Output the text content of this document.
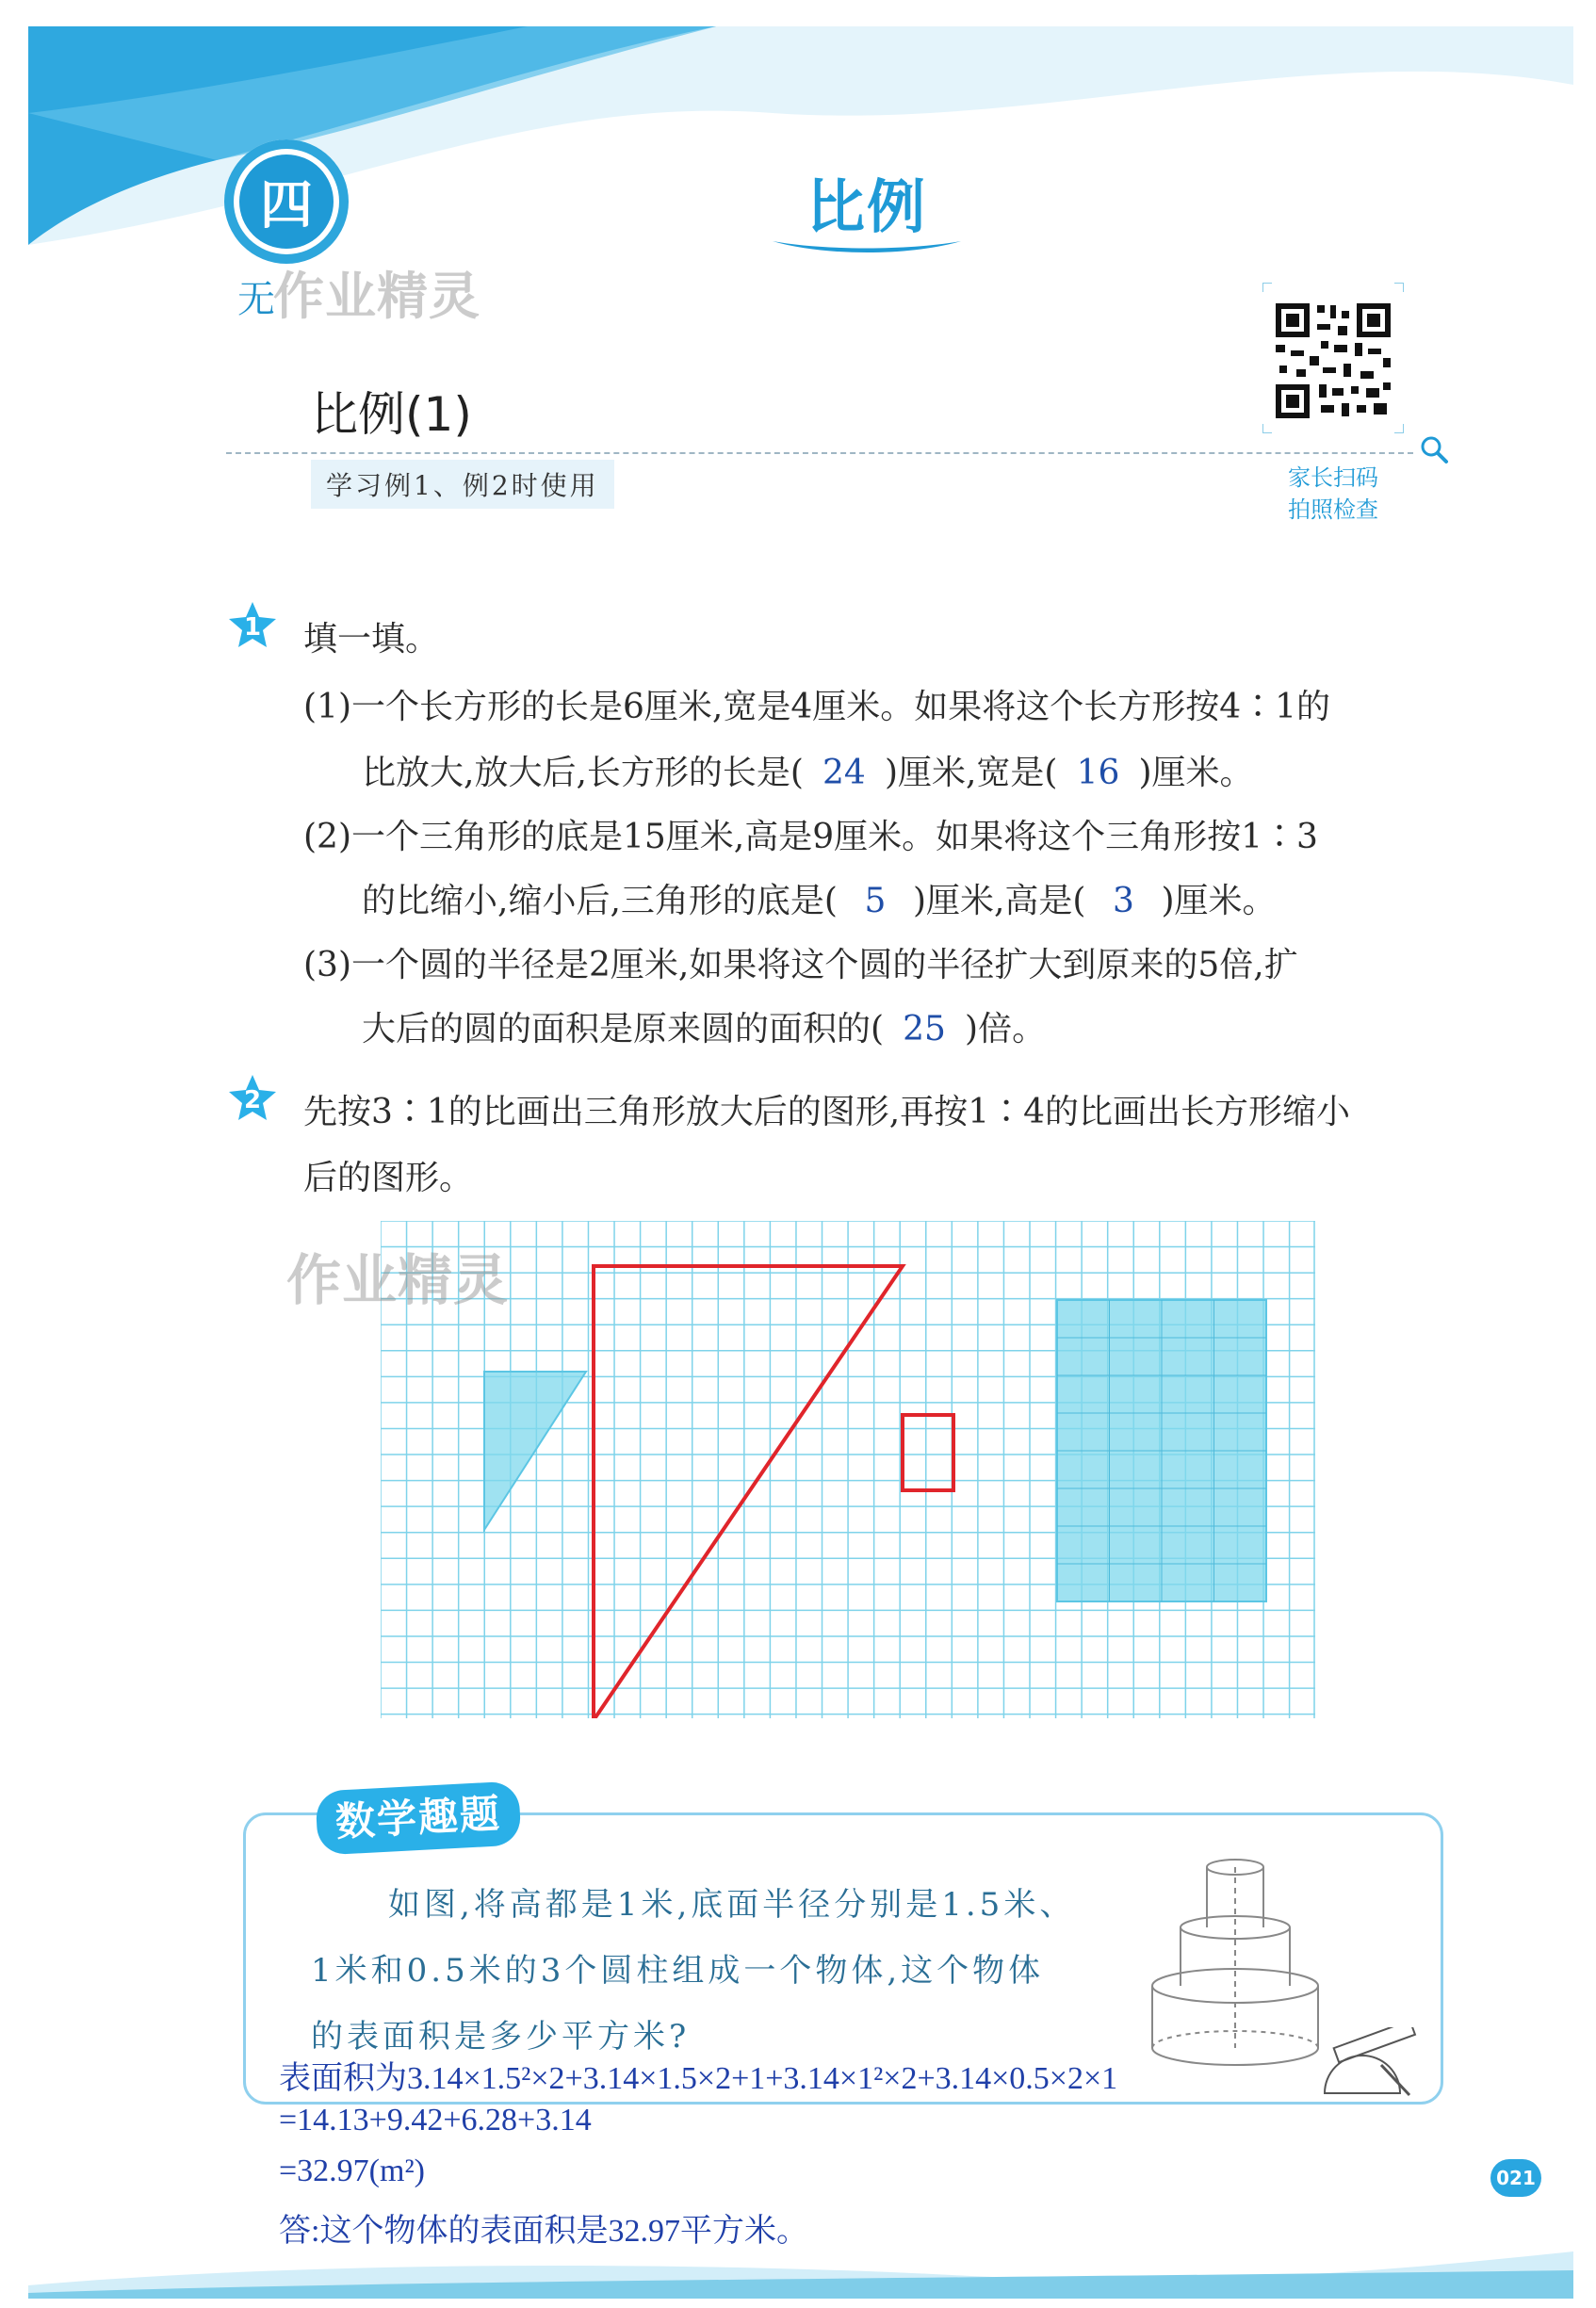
四	比例
无
作业精灵
比例(1)
学习例1、例2时使用	家长扫码
拍照检查
1 填一填。
(1)一个长方形的长是6厘米,宽是4厘米。如果将这个长方形按4∶1的
比放大,放大后,长方形的长是( 24 )厘米,宽是( 16 )厘米。
(2)一个三角形的底是15厘米,高是9厘米。如果将这个三角形按1∶3
的比缩小,缩小后,三角形的底是( 5 )厘米,高是( 3 )厘米。
(3)一个圆的半径是2厘米,如果将这个圆的半径扩大到原来的5倍,扩
大后的圆的面积是原来圆的面积的( 25 )倍。
2 先按3∶1的比画出三角形放大后的图形,再按1∶4的比画出长方形缩小
后的图形。
作业精灵
数学趣题
如图,将高都是1米,底面半径分别是1.5米、
1米和0.5米的3个圆柱组成一个物体,这个物体
的表面积是多少平方米?
表面积为3.14×1.5²×2+3.14×1.5×2+1+3.14×1²×2+3.14×0.5×2×1
=14.13+9.42+6.28+3.14
=32.97(m²)
答:这个物体的表面积是32.97平方米。
021
